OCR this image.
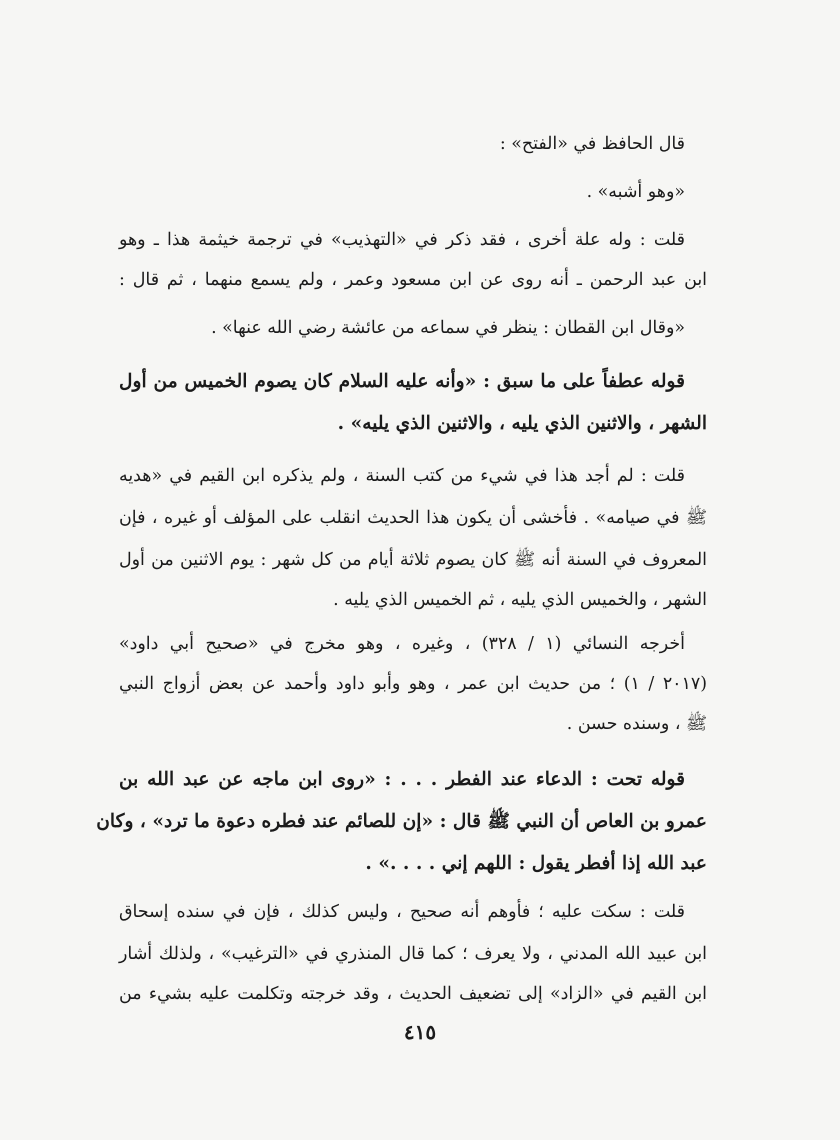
قال الحافظ في «الفتح» :
«وهو أشبه» .
قلت : وله علة أخرى ، فقد ذكر في «التهذيب» في ترجمة خيثمة هذا ـ وهو
ابن عبد الرحمن ـ أنه روى عن ابن مسعود وعمر ، ولم يسمع منهما ، ثم قال :
«وقال ابن القطان : ينظر في سماعه من عائشة رضي الله عنها» .
قوله عطفاً على ما سبق : «وأنه عليه السلام كان يصوم الخميس من أول
الشهر ، والاثنين الذي يليه ، والاثنين الذي يليه» .
قلت : لم أجد هذا في شيء من كتب السنة ، ولم يذكره ابن القيم في «هديه
ﷺ في صيامه» . فأخشى أن يكون هذا الحديث انقلب على المؤلف أو غيره ، فإن
المعروف في السنة أنه ﷺ كان يصوم ثلاثة أيام من كل شهر : يوم الاثنين من أول
الشهر ، والخميس الذي يليه ، ثم الخميس الذي يليه .
أخرجه النسائي (١ / ٣٢٨) ، وغيره ، وهو مخرج في «صحيح أبي داود»
(٢٠١٧ / ١) ؛ من حديث ابن عمر ، وهو وأبو داود وأحمد عن بعض أزواج النبي
ﷺ ، وسنده حسن .
قوله تحت : الدعاء عند الفطر . . . : «روى ابن ماجه عن عبد الله بن
عمرو بن العاص أن النبي ﷺ قال : «إن للصائم عند فطره دعوة ما ترد» ، وكان
عبد الله إذا أفطر يقول : اللهم إني . . . .» .
قلت : سكت عليه ؛ فأوهم أنه صحيح ، وليس كذلك ، فإن في سنده إسحاق
ابن عبيد الله المدني ، ولا يعرف ؛ كما قال المنذري في «الترغيب» ، ولذلك أشار
ابن القيم في «الزاد» إلى تضعيف الحديث ، وقد خرجته وتكلمت عليه بشيء من
٤١٥
